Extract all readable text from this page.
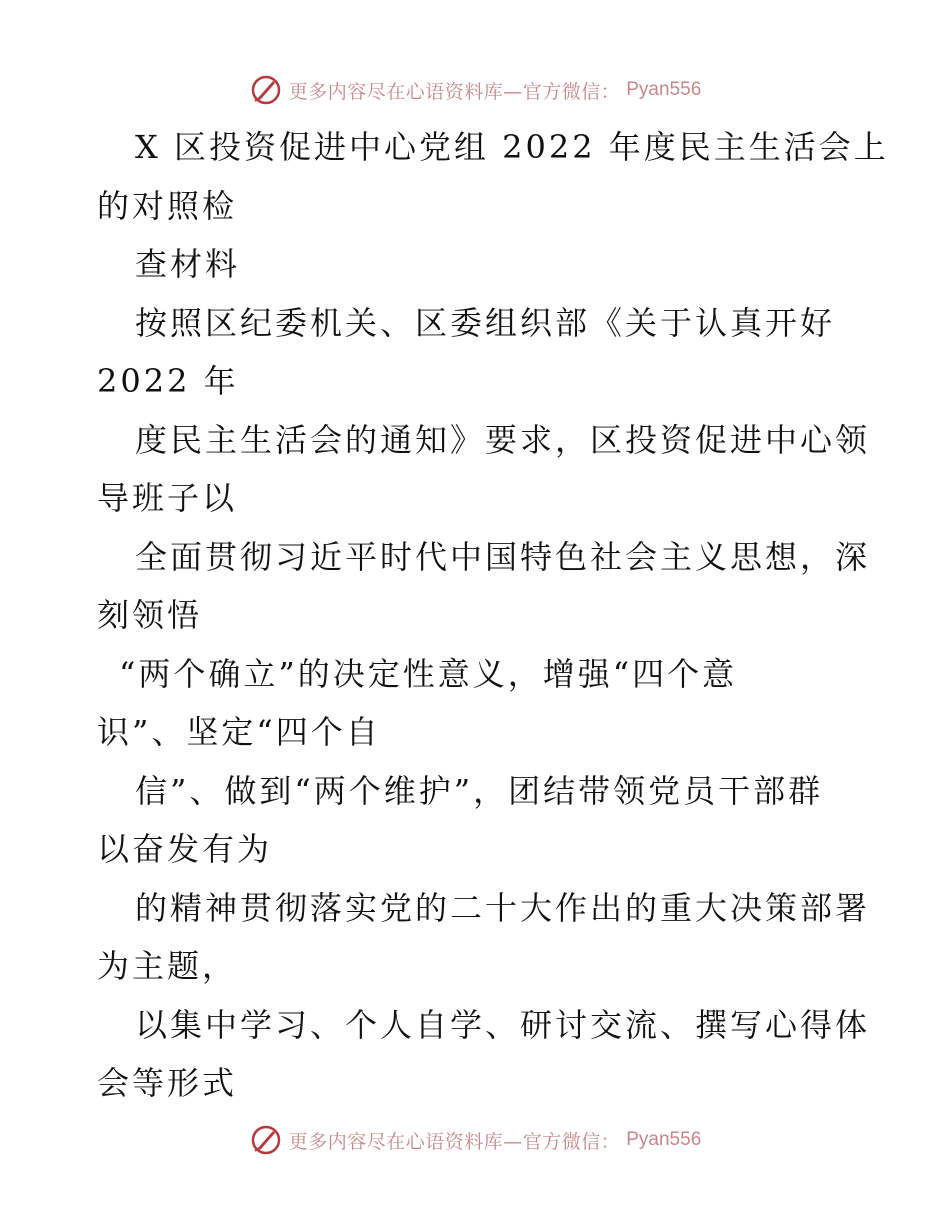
更多内容尽在心语资料库—官方微信： Pyan556
X 区投资促进中心党组 2022 年度民主生活会上
的对照检
查材料
按照区纪委机关、区委组织部《关于认真开好
2022 年
度民主生活会的通知》要求，区投资促进中心领
导班子以
全面贯彻习近平时代中国特色社会主义思想，深
刻领悟
“两个确立”的决定性意义，增强“四个意
识”、坚定“四个自
信”、做到“两个维护”，团结带领党员干部群
以奋发有为
的精神贯彻落实党的二十大作出的重大决策部署
为主题，
以集中学习、个人自学、研讨交流、撰写心得体
会等形式
更多内容尽在心语资料库—官方微信： Pyan556
